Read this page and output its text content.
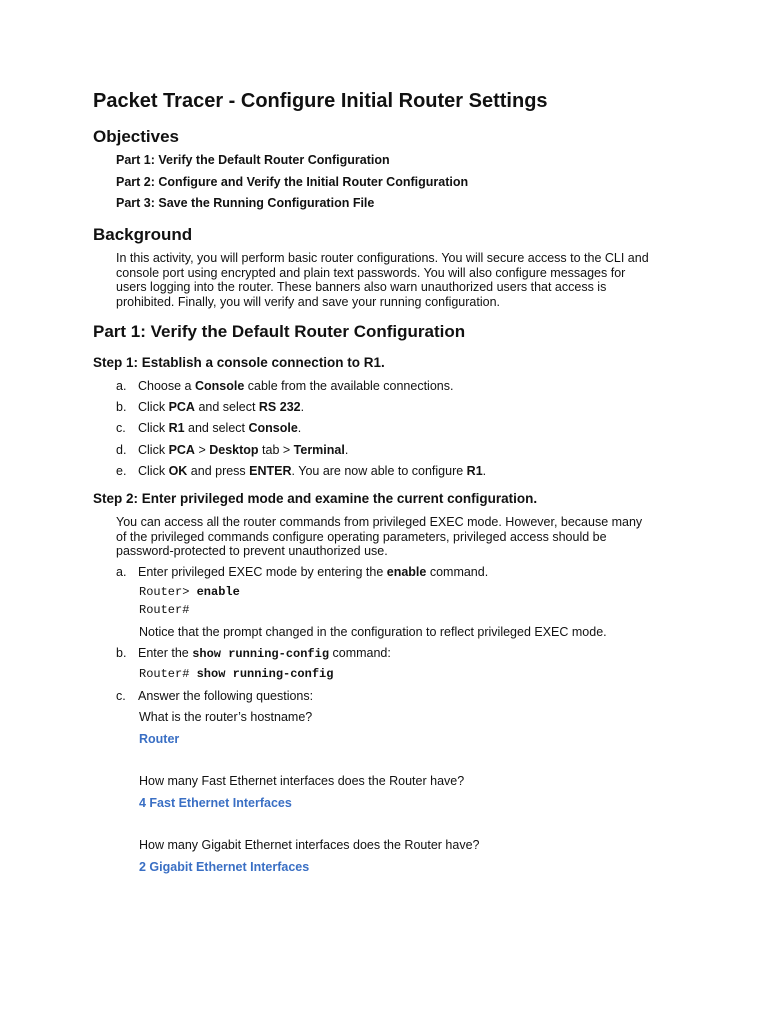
Packet Tracer - Configure Initial Router Settings
Objectives
Part 1: Verify the Default Router Configuration
Part 2: Configure and Verify the Initial Router Configuration
Part 3: Save the Running Configuration File
Background
In this activity, you will perform basic router configurations. You will secure access to the CLI and
console port using encrypted and plain text passwords. You will also configure messages for
users logging into the router. These banners also warn unauthorized users that access is
prohibited. Finally, you will verify and save your running configuration.
Part 1: Verify the Default Router Configuration
Step 1: Establish a console connection to R1.
a. Choose a Console cable from the available connections.
b. Click PCA and select RS 232.
c. Click R1 and select Console.
d. Click PCA > Desktop tab > Terminal.
e. Click OK and press ENTER. You are now able to configure R1.
Step 2: Enter privileged mode and examine the current configuration.
You can access all the router commands from privileged EXEC mode. However, because many
of the privileged commands configure operating parameters, privileged access should be
password-protected to prevent unauthorized use.
a. Enter privileged EXEC mode by entering the enable command.
Router> enable
Router#
Notice that the prompt changed in the configuration to reflect privileged EXEC mode.
b. Enter the show running-config command:
Router# show running-config
c. Answer the following questions:
What is the router’s hostname?
Router
How many Fast Ethernet interfaces does the Router have?
4 Fast Ethernet Interfaces
How many Gigabit Ethernet interfaces does the Router have?
2 Gigabit Ethernet Interfaces
